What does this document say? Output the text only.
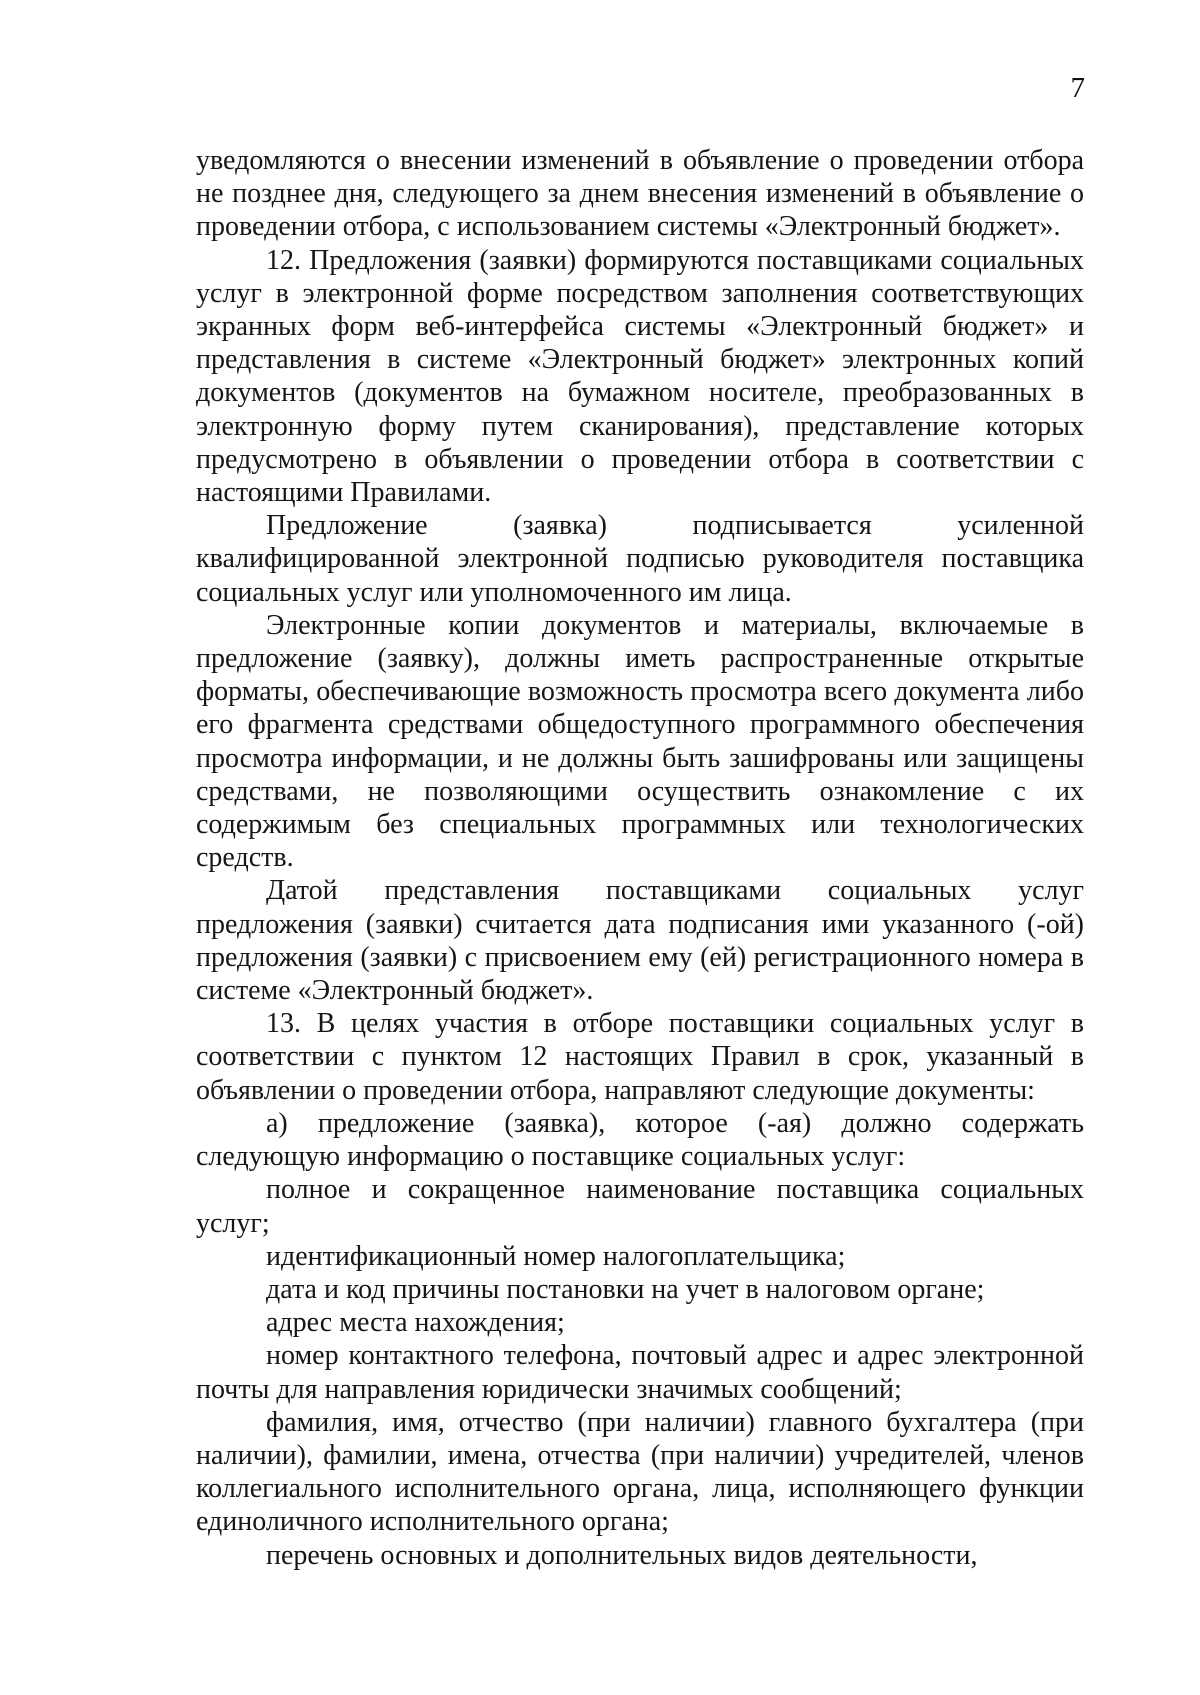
7

уведомляются о внесении изменений в объявление о проведении отбора не позднее дня, следующего за днем внесения изменений в объявление о проведении отбора, с использованием системы «Электронный бюджет».

12. Предложения (заявки) формируются поставщиками социальных услуг в электронной форме посредством заполнения соответствующих экранных форм веб-интерфейса системы «Электронный бюджет» и представления в системе «Электронный бюджет» электронных копий документов (документов на бумажном носителе, преобразованных в электронную форму путем сканирования), представление которых предусмотрено в объявлении о проведении отбора в соответствии с настоящими Правилами.

Предложение (заявка) подписывается усиленной квалифицированной электронной подписью руководителя поставщика социальных услуг или уполномоченного им лица.

Электронные копии документов и материалы, включаемые в предложение (заявку), должны иметь распространенные открытые форматы, обеспечивающие возможность просмотра всего документа либо его фрагмента средствами общедоступного программного обеспечения просмотра информации, и не должны быть зашифрованы или защищены средствами, не позволяющими осуществить ознакомление с их содержимым без специальных программных или технологических средств.

Датой представления поставщиками социальных услуг предложения (заявки) считается дата подписания ими указанного (-ой) предложения (заявки) с присвоением ему (ей) регистрационного номера в системе «Электронный бюджет».

13. В целях участия в отборе поставщики социальных услуг в соответствии с пунктом 12 настоящих Правил в срок, указанный в объявлении о проведении отбора, направляют следующие документы:

а) предложение (заявка), которое (-ая) должно содержать следующую информацию о поставщике социальных услуг:

полное и сокращенное наименование поставщика социальных услуг;

идентификационный номер налогоплательщика;

дата и код причины постановки на учет в налоговом органе;

адрес места нахождения;

номер контактного телефона, почтовый адрес и адрес электронной почты для направления юридически значимых сообщений;

фамилия, имя, отчество (при наличии) главного бухгалтера (при наличии), фамилии, имена, отчества (при наличии) учредителей, членов коллегиального исполнительного органа, лица, исполняющего функции единоличного исполнительного органа;

перечень основных и дополнительных видов деятельности,
